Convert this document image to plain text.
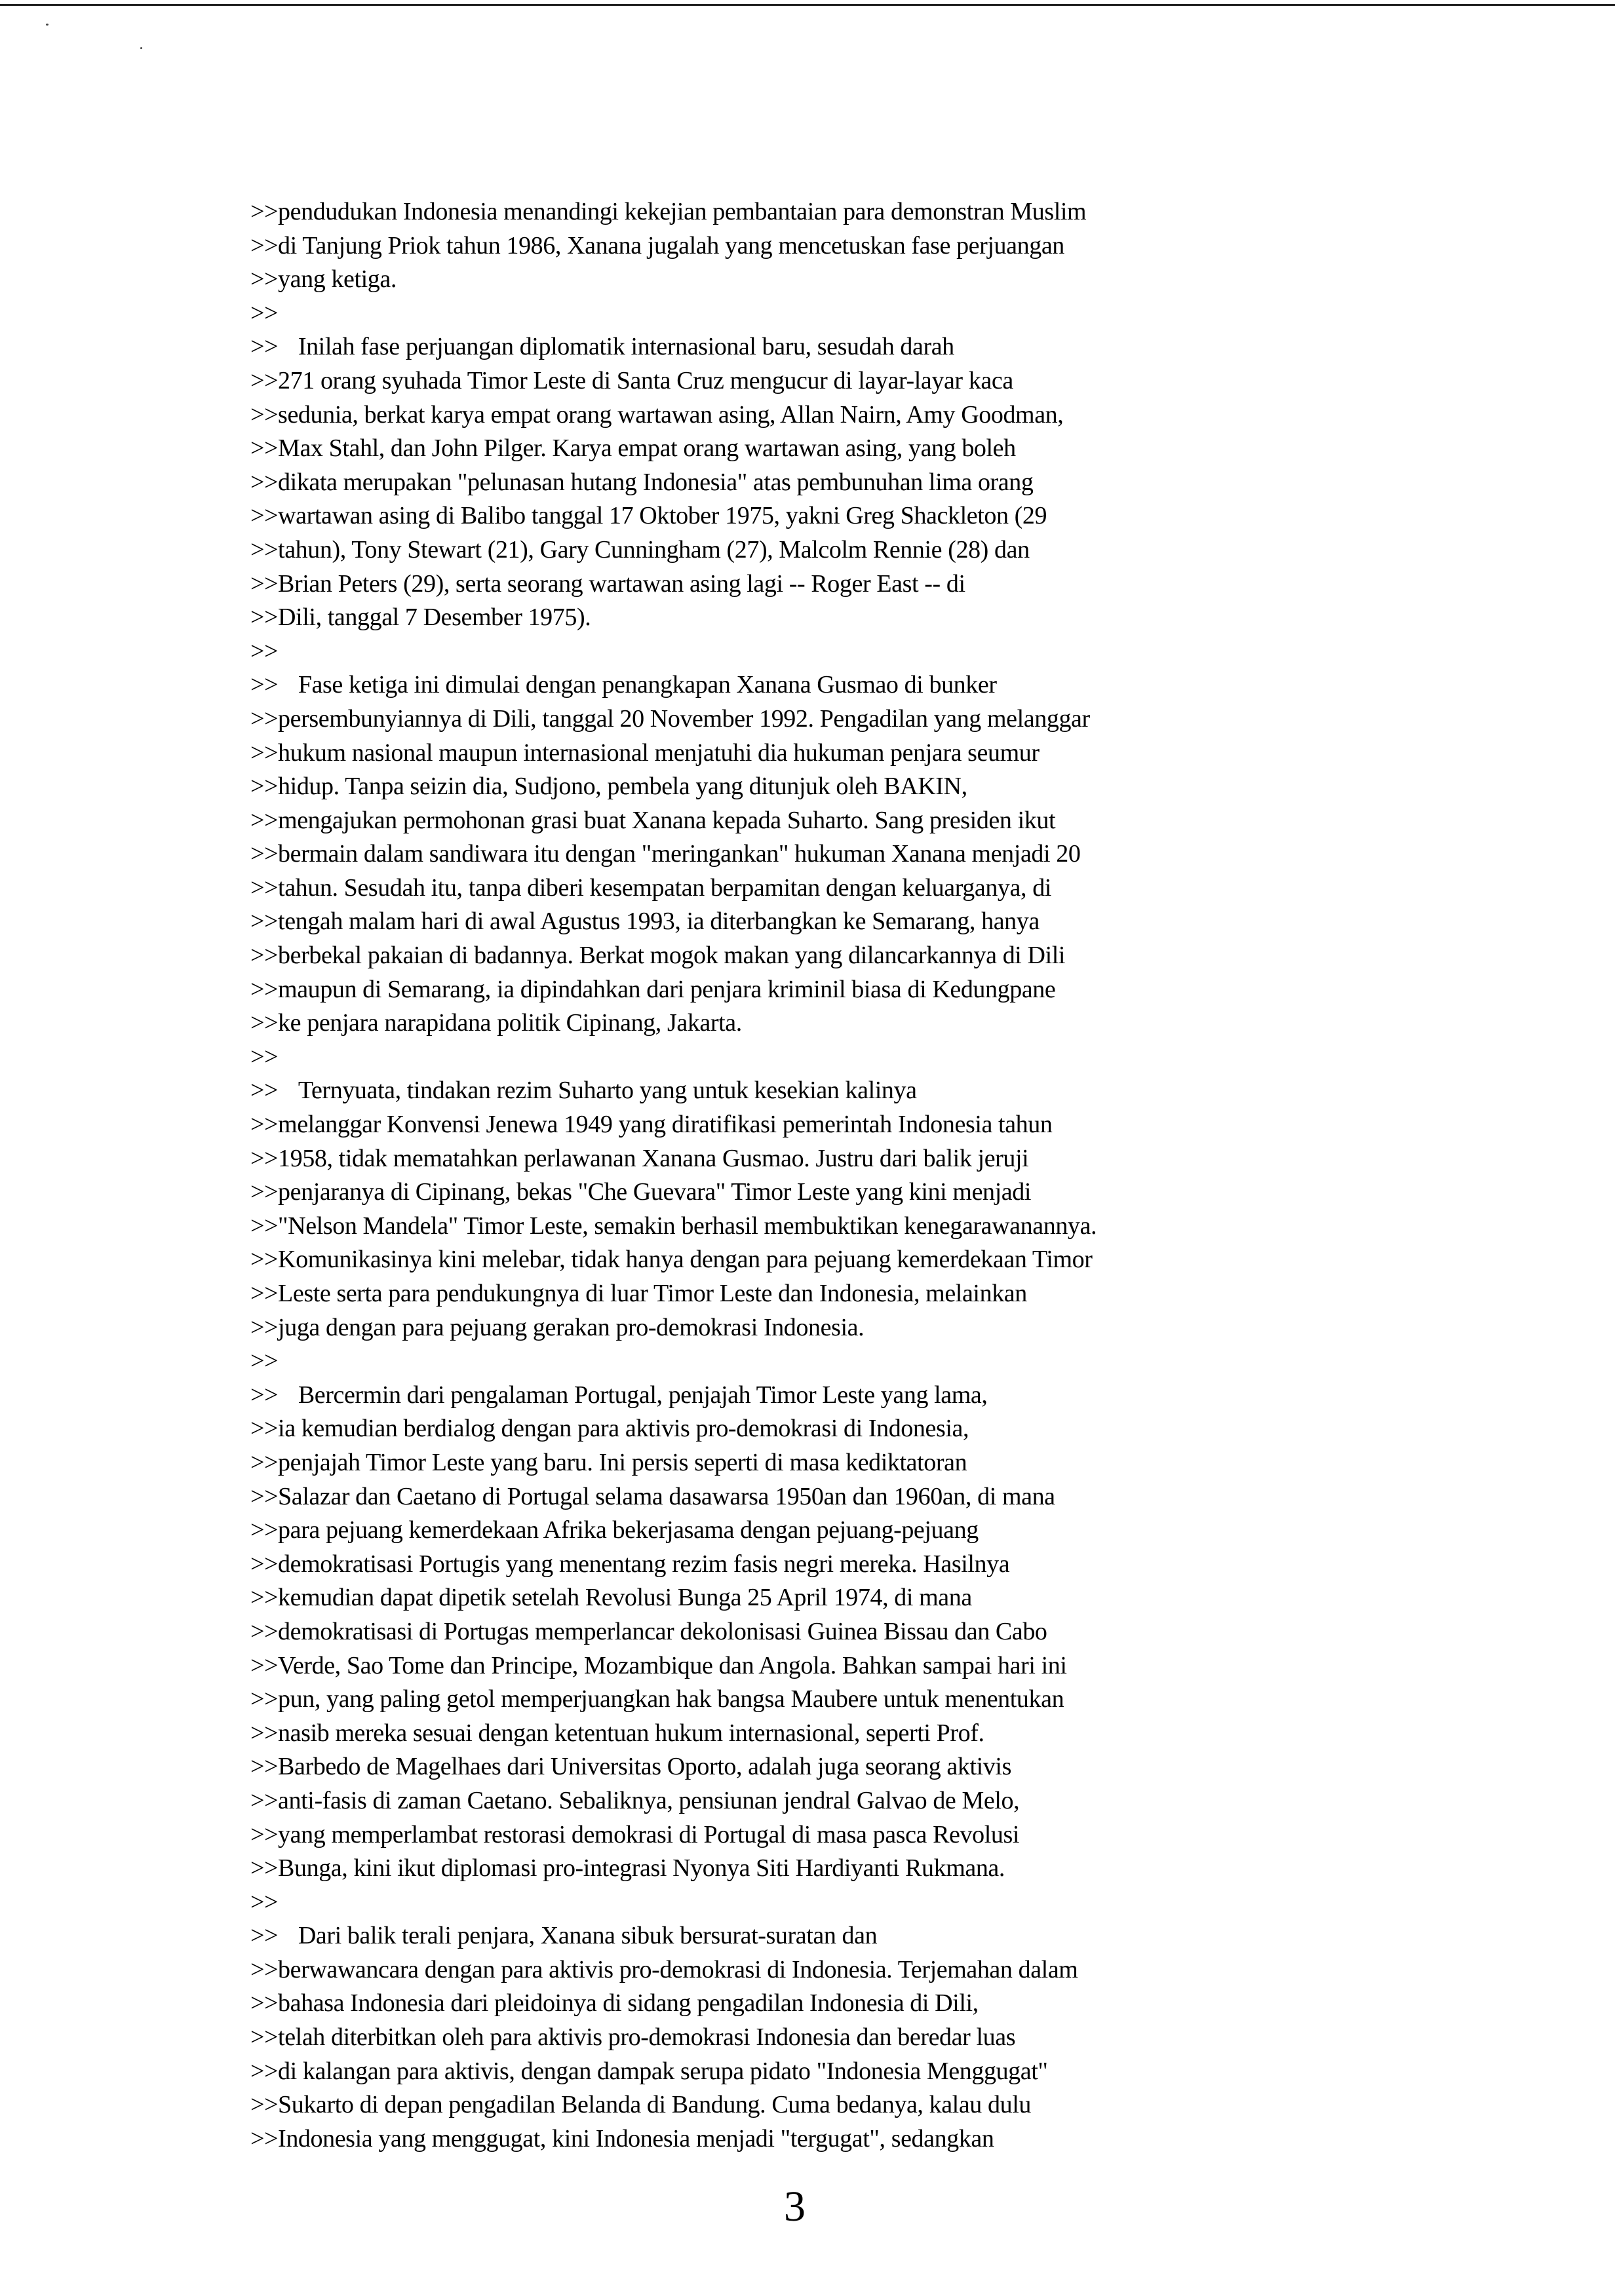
>>pendudukan Indonesia menandingi kekejian pembantaian para demonstran Muslim
>>di Tanjung Priok tahun 1986, Xanana jugalah yang mencetuskan fase perjuangan
>>yang ketiga.
>>
>>	Inilah fase perjuangan diplomatik internasional baru, sesudah darah
>>271 orang syuhada Timor Leste di Santa Cruz mengucur di layar-layar kaca
>>sedunia, berkat karya empat orang wartawan asing, Allan Nairn, Amy Goodman,
>>Max Stahl, dan John Pilger. Karya empat orang wartawan asing, yang boleh
>>dikata merupakan "pelunasan hutang Indonesia" atas pembunuhan lima orang
>>wartawan asing di Balibo tanggal 17 Oktober 1975, yakni Greg Shackleton (29
>>tahun), Tony Stewart (21), Gary Cunningham (27), Malcolm Rennie (28) dan
>>Brian Peters (29), serta seorang wartawan asing lagi -- Roger East -- di
>>Dili, tanggal 7 Desember 1975).
>>
>>	Fase ketiga ini dimulai dengan penangkapan Xanana Gusmao di bunker
>>persembunyiannya di Dili, tanggal 20 November 1992. Pengadilan yang melanggar
>>hukum nasional maupun internasional menjatuhi dia hukuman penjara seumur
>>hidup. Tanpa seizin dia, Sudjono, pembela yang ditunjuk oleh BAKIN,
>>mengajukan permohonan grasi buat Xanana kepada Suharto. Sang presiden ikut
>>bermain dalam sandiwara itu dengan "meringankan" hukuman Xanana menjadi 20
>>tahun. Sesudah itu, tanpa diberi kesempatan berpamitan dengan keluarganya, di
>>tengah malam hari di awal Agustus 1993, ia diterbangkan ke Semarang, hanya
>>berbekal pakaian di badannya. Berkat mogok makan yang dilancarkannya di Dili
>>maupun di Semarang, ia dipindahkan dari penjara kriminil biasa di Kedungpane
>>ke penjara narapidana politik Cipinang, Jakarta.
>>
>>	Ternyuata, tindakan rezim Suharto yang untuk kesekian kalinya
>>melanggar Konvensi Jenewa 1949 yang diratifikasi pemerintah Indonesia tahun
>>1958, tidak mematahkan perlawanan Xanana Gusmao. Justru dari balik jeruji
>>penjaranya di Cipinang, bekas "Che Guevara" Timor Leste yang kini menjadi
>>"Nelson Mandela" Timor Leste, semakin berhasil membuktikan kenegarawanannya.
>>Komunikasinya kini melebar, tidak hanya dengan para pejuang kemerdekaan Timor
>>Leste serta para pendukungnya di luar Timor Leste dan Indonesia, melainkan
>>juga dengan para pejuang gerakan pro-demokrasi Indonesia.
>>
>>	Bercermin dari pengalaman Portugal, penjajah Timor Leste yang lama,
>>ia kemudian berdialog dengan para aktivis pro-demokrasi di Indonesia,
>>penjajah Timor Leste yang baru. Ini persis seperti di masa kediktatoran
>>Salazar dan Caetano di Portugal selama dasawarsa 1950an dan 1960an, di mana
>>para pejuang kemerdekaan Afrika bekerjasama dengan pejuang-pejuang
>>demokratisasi Portugis yang menentang rezim fasis negri mereka. Hasilnya
>>kemudian dapat dipetik setelah Revolusi Bunga 25 April 1974, di mana
>>demokratisasi di Portugas memperlancar dekolonisasi Guinea Bissau dan Cabo
>>Verde, Sao Tome dan Principe, Mozambique dan Angola. Bahkan sampai hari ini
>>pun, yang paling getol memperjuangkan hak bangsa Maubere untuk menentukan
>>nasib mereka sesuai dengan ketentuan hukum internasional, seperti Prof.
>>Barbedo de Magelhaes dari Universitas Oporto, adalah juga seorang aktivis
>>anti-fasis di zaman Caetano. Sebaliknya, pensiunan jendral Galvao de Melo,
>>yang memperlambat restorasi demokrasi di Portugal di masa pasca Revolusi
>>Bunga, kini ikut diplomasi pro-integrasi Nyonya Siti Hardiyanti Rukmana.
>>
>>	Dari balik terali penjara, Xanana sibuk bersurat-suratan dan
>>berwawancara dengan para aktivis pro-demokrasi di Indonesia. Terjemahan dalam
>>bahasa Indonesia dari pleidoinya di sidang pengadilan Indonesia di Dili,
>>telah diterbitkan oleh para aktivis pro-demokrasi Indonesia dan beredar luas
>>di kalangan para aktivis, dengan dampak serupa pidato "Indonesia Menggugat"
>>Sukarto di depan pengadilan Belanda di Bandung. Cuma bedanya, kalau dulu
>>Indonesia yang menggugat, kini Indonesia menjadi "tergugat", sedangkan
3
